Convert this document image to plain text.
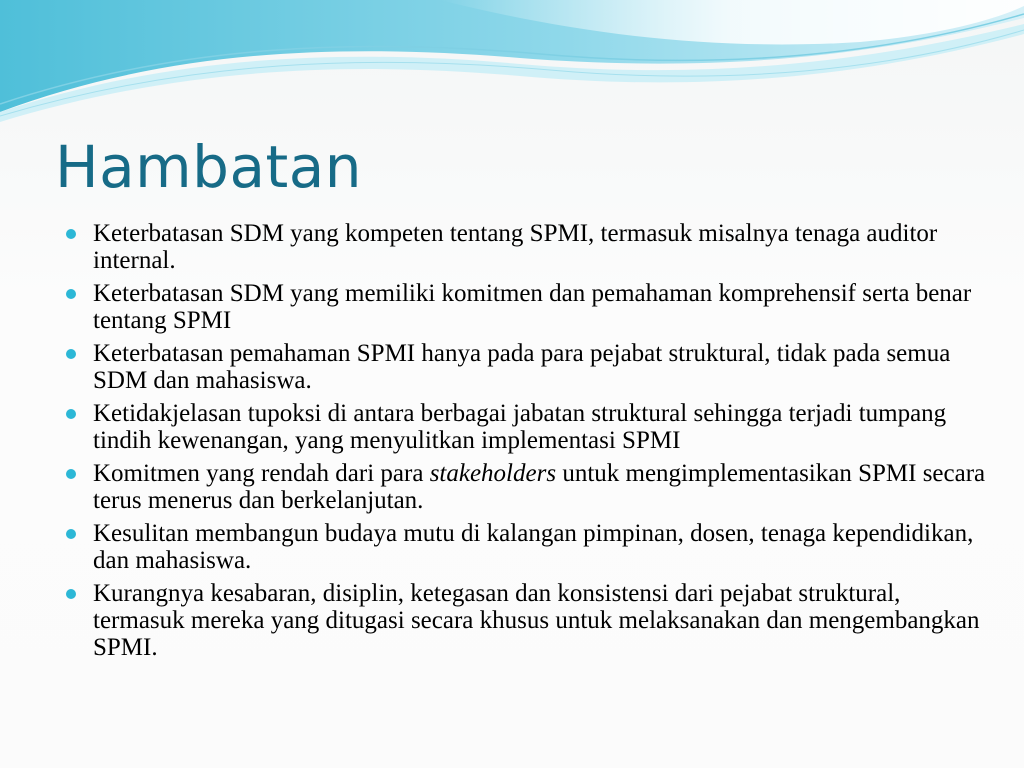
Hambatan
Keterbatasan SDM yang kompeten tentang SPMI, termasuk misalnya tenaga auditor internal.
Keterbatasan SDM yang memiliki komitmen dan pemahaman komprehensif serta benar tentang SPMI
Keterbatasan pemahaman SPMI hanya pada para pejabat struktural, tidak pada semua SDM dan mahasiswa.
Ketidakjelasan tupoksi di antara berbagai jabatan struktural sehingga terjadi tumpang tindih kewenangan, yang menyulitkan implementasi SPMI
Komitmen yang rendah dari para stakeholders untuk mengimplementasikan SPMI secara terus menerus dan berkelanjutan.
Kesulitan membangun budaya mutu di kalangan pimpinan, dosen, tenaga kependidikan, dan mahasiswa.
Kurangnya kesabaran, disiplin, ketegasan dan konsistensi dari pejabat struktural, termasuk mereka yang ditugasi secara khusus untuk melaksanakan dan mengembangkan SPMI.
